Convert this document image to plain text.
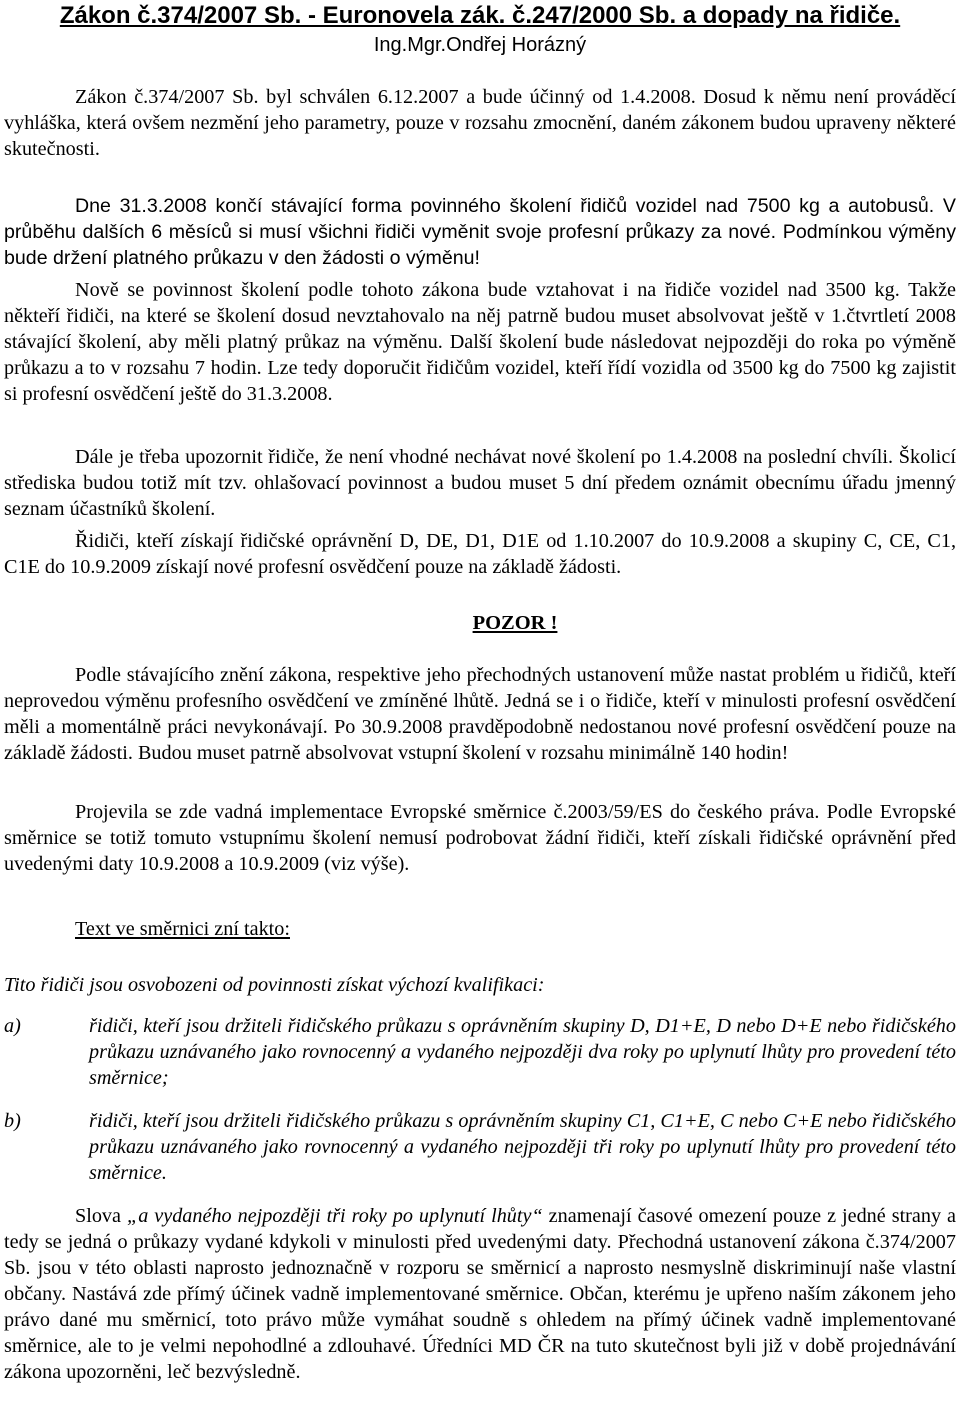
Zákon č.374/2007 Sb. - Euronovela zák. č.247/2000 Sb. a dopady na řidiče.
Ing.Mgr.Ondřej Horázný

Zákon č.374/2007 Sb. byl schválen 6.12.2007 a bude účinný od 1.4.2008. Dosud k němu není prováděcí vyhláška, která ovšem nezmění jeho parametry, pouze v rozsahu zmocnění, daném zákonem budou upraveny některé skutečnosti.

Dne 31.3.2008 končí stávající forma povinného školení řidičů vozidel nad 7500 kg a autobusů. V průběhu dalších 6 měsíců si musí všichni řidiči vyměnit svoje profesní průkazy za nové. Podmínkou výměny bude držení platného průkazu v den žádosti o výměnu!

Nově se povinnost školení podle tohoto zákona bude vztahovat i na řidiče vozidel nad 3500 kg. Takže někteří řidiči, na které se školení dosud nevztahovalo na něj patrně budou muset absolvovat ještě v 1.čtvrtletí 2008 stávající školení, aby měli platný průkaz na výměnu. Další školení bude následovat nejpozději do roka po výměně průkazu a to v rozsahu 7 hodin. Lze tedy doporučit řidičům vozidel, kteří řídí vozidla od 3500 kg do 7500 kg zajistit si profesní osvědčení ještě do 31.3.2008.

Dále je třeba upozornit řidiče, že není vhodné nechávat nové školení po 1.4.2008 na poslední chvíli. Školicí střediska budou totiž mít tzv. ohlašovací povinnost a budou muset 5 dní předem oznámit obecnímu úřadu jmenný seznam účastníků školení.

Řidiči, kteří získají řidičské oprávnění D, DE, D1, D1E od 1.10.2007 do 10.9.2008 a skupiny C, CE, C1, C1E do 10.9.2009 získají nové profesní osvědčení pouze na základě žádosti.

POZOR !

Podle stávajícího znění zákona, respektive jeho přechodných ustanovení může nastat problém u řidičů, kteří neprovedou výměnu profesního osvědčení ve zmíněné lhůtě. Jedná se i o řidiče, kteří v minulosti profesní osvědčení měli a momentálně práci nevykonávají. Po 30.9.2008 pravděpodobně nedostanou nové profesní osvědčení pouze na základě žádosti. Budou muset patrně absolvovat vstupní školení v rozsahu minimálně 140 hodin!

Projevila se zde vadná implementace Evropské směrnice č.2003/59/ES do českého práva. Podle Evropské směrnice se totiž tomuto vstupnímu školení nemusí podrobovat žádní řidiči, kteří získali řidičské oprávnění před uvedenými daty 10.9.2008 a 10.9.2009 (viz výše).

Text ve směrnici zní takto:

Tito řidiči jsou osvobozeni od povinnosti získat výchozí kvalifikaci:

a)	řidiči, kteří jsou držiteli řidičského průkazu s oprávněním skupiny D, D1+E, D nebo D+E nebo řidičského průkazu uznávaného jako rovnocenný a vydaného nejpozději dva roky po uplynutí lhůty pro provedení této směrnice;
b)	řidiči, kteří jsou držiteli řidičského průkazu s oprávněním skupiny C1, C1+E, C nebo C+E nebo řidičského průkazu uznávaného jako rovnocenný a vydaného nejpozději tři roky po uplynutí lhůty pro provedení této směrnice.

Slova „a vydaného nejpozději tři roky po uplynutí lhůty“ znamenají časové omezení pouze z jedné strany a tedy se jedná o průkazy vydané kdykoli v minulosti před uvedenými daty. Přechodná ustanovení zákona č.374/2007 Sb. jsou v této oblasti naprosto jednoznačně v rozporu se směrnicí a naprosto nesmyslně diskriminují naše vlastní občany. Nastává zde přímý účinek vadně implementované směrnice. Občan, kterému je upřeno naším zákonem jeho právo dané mu směrnicí, toto právo může vymáhat soudně s ohledem na přímý účinek vadně implementované směrnice, ale to je velmi nepohodlné a zdlouhavé. Úředníci MD ČR na tuto skutečnost byli již v době projednávání zákona upozorněni, leč bezvýsledně.
